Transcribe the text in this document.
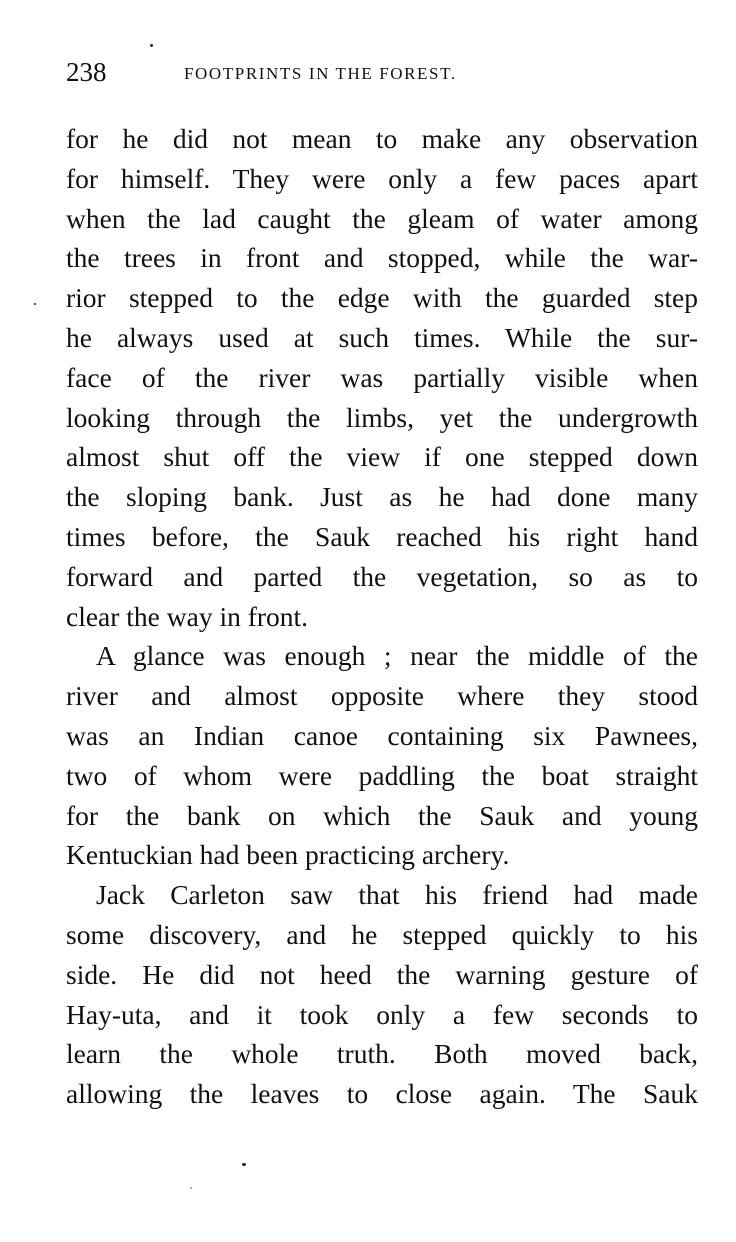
238	FOOTPRINTS IN THE FOREST.
for he did not mean to make any observation
for himself. They were only a few paces apart
when the lad caught the gleam of water among
the trees in front and stopped, while the war-
rior stepped to the edge with the guarded step
he always used at such times. While the sur-
face of the river was partially visible when
looking through the limbs, yet the undergrowth
almost shut off the view if one stepped down
the sloping bank. Just as he had done many
times before, the Sauk reached his right hand
forward and parted the vegetation, so as to
clear the way in front.
A glance was enough ; near the middle of the
river and almost opposite where they stood
was an Indian canoe containing six Pawnees,
two of whom were paddling the boat straight
for the bank on which the Sauk and young
Kentuckian had been practicing archery.
Jack Carleton saw that his friend had made
some discovery, and he stepped quickly to his
side. He did not heed the warning gesture of
Hay-uta, and it took only a few seconds to
learn the whole truth. Both moved back,
allowing the leaves to close again. The Sauk
